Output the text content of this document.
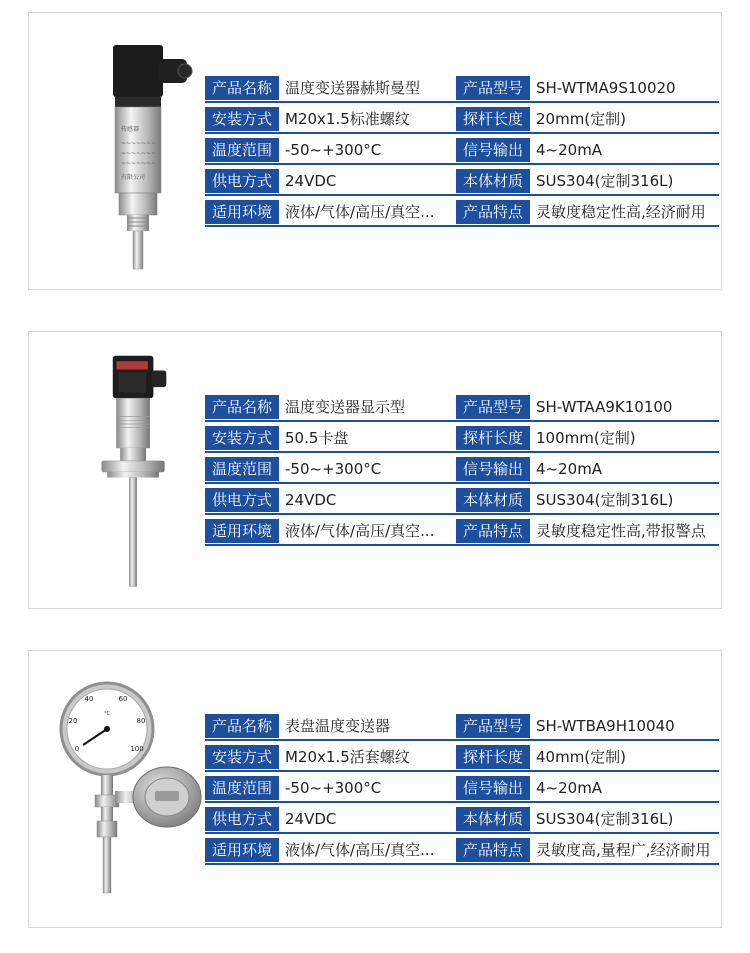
传感器
~~~~~~~
~~~~~~~
~~~~~~~
有限公司
产品名称 温度变送器赫斯曼型	产品型号 SH-WTMA9S10020
安装方式 M20x1.5标准螺纹	探杆长度 20mm(定制)
温度范围 -50~+300°C	信号输出 4~20mA
供电方式 24VDC	本体材质 SUS304(定制316L)
适用环境 液体/气体/高压/真空...	产品特点 灵敏度稳定性高,经济耐用
产品名称 温度变送器显示型	产品型号 SH-WTAA9K10100
安装方式 50.5卡盘	探杆长度 100mm(定制)
温度范围 -50~+300°C	信号输出 4~20mA
供电方式 24VDC	本体材质 SUS304(定制316L)
适用环境 液体/气体/高压/真空...	产品特点 灵敏度稳定性高,带报警点
0
20
40	60
80
100
°C
产品名称 表盘温度变送器	产品型号 SH-WTBA9H10040
安装方式 M20x1.5活套螺纹	探杆长度 40mm(定制)
温度范围 -50~+300°C	信号输出 4~20mA
供电方式 24VDC	本体材质 SUS304(定制316L)
适用环境 液体/气体/高压/真空...	产品特点 灵敏度高,量程广,经济耐用
